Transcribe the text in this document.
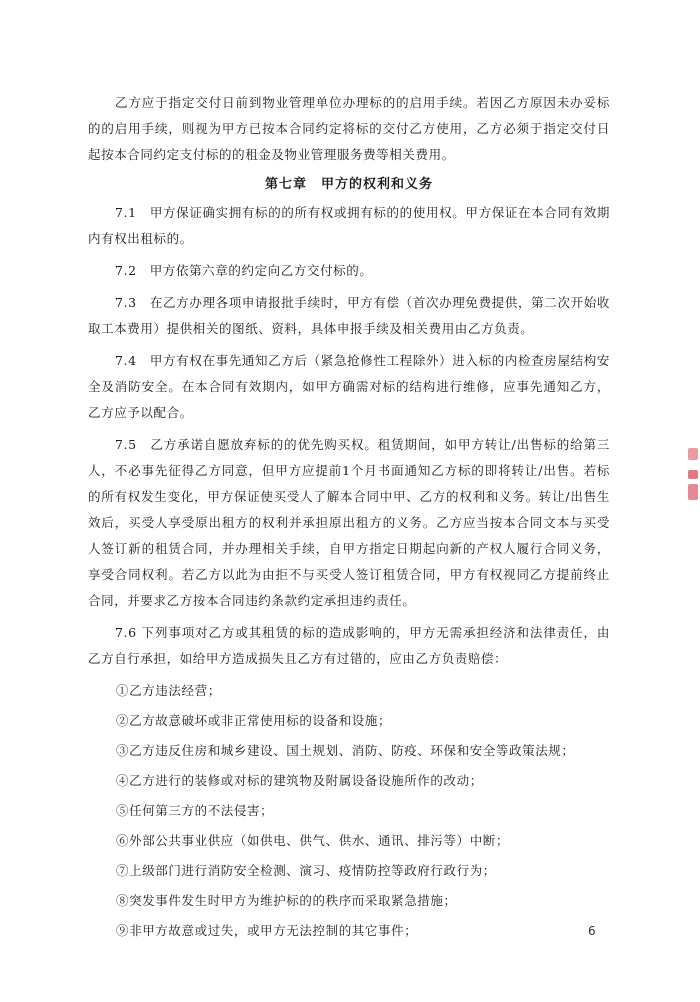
乙方应于指定交付日前到物业管理单位办理标的的启用手续。若因乙方原因未办妥标的的启用手续，则视为甲方已按本合同约定将标的交付乙方使用，乙方必须于指定交付日起按本合同约定支付标的的租金及物业管理服务费等相关费用。

第七章　甲方的权利和义务

7.1　甲方保证确实拥有标的的所有权或拥有标的的使用权。甲方保证在本合同有效期内有权出租标的。

7.2　甲方依第六章的约定向乙方交付标的。

7.3　在乙方办理各项申请报批手续时，甲方有偿（首次办理免费提供，第二次开始收取工本费用）提供相关的图纸、资料，具体申报手续及相关费用由乙方负责。

7.4　甲方有权在事先通知乙方后（紧急抢修性工程除外）进入标的内检查房屋结构安全及消防安全。在本合同有效期内，如甲方确需对标的结构进行维修，应事先通知乙方，乙方应予以配合。

7.5　乙方承诺自愿放弃标的的优先购买权。租赁期间，如甲方转让/出售标的给第三人，不必事先征得乙方同意，但甲方应提前1个月书面通知乙方标的即将转让/出售。若标的所有权发生变化，甲方保证使买受人了解本合同中甲、乙方的权利和义务。转让/出售生效后，买受人享受原出租方的权利并承担原出租方的义务。乙方应当按本合同文本与买受人签订新的租赁合同，并办理相关手续，自甲方指定日期起向新的产权人履行合同义务，享受合同权利。若乙方以此为由拒不与买受人签订租赁合同，甲方有权视同乙方提前终止合同，并要求乙方按本合同违约条款约定承担违约责任。

7.6 下列事项对乙方或其租赁的标的造成影响的，甲方无需承担经济和法律责任，由乙方自行承担，如给甲方造成损失且乙方有过错的，应由乙方负责赔偿：

①乙方违法经营；

②乙方故意破坏或非正常使用标的设备和设施；

③乙方违反住房和城乡建设、国土规划、消防、防疫、环保和安全等政策法规；

④乙方进行的装修或对标的建筑物及附属设备设施所作的改动；

⑤任何第三方的不法侵害；

⑥外部公共事业供应（如供电、供气、供水、通讯、排污等）中断；

⑦上级部门进行消防安全检测、演习、疫情防控等政府行政行为；

⑧突发事件发生时甲方为维护标的的秩序而采取紧急措施；

⑨非甲方故意或过失，或甲方无法控制的其它事件；	6
